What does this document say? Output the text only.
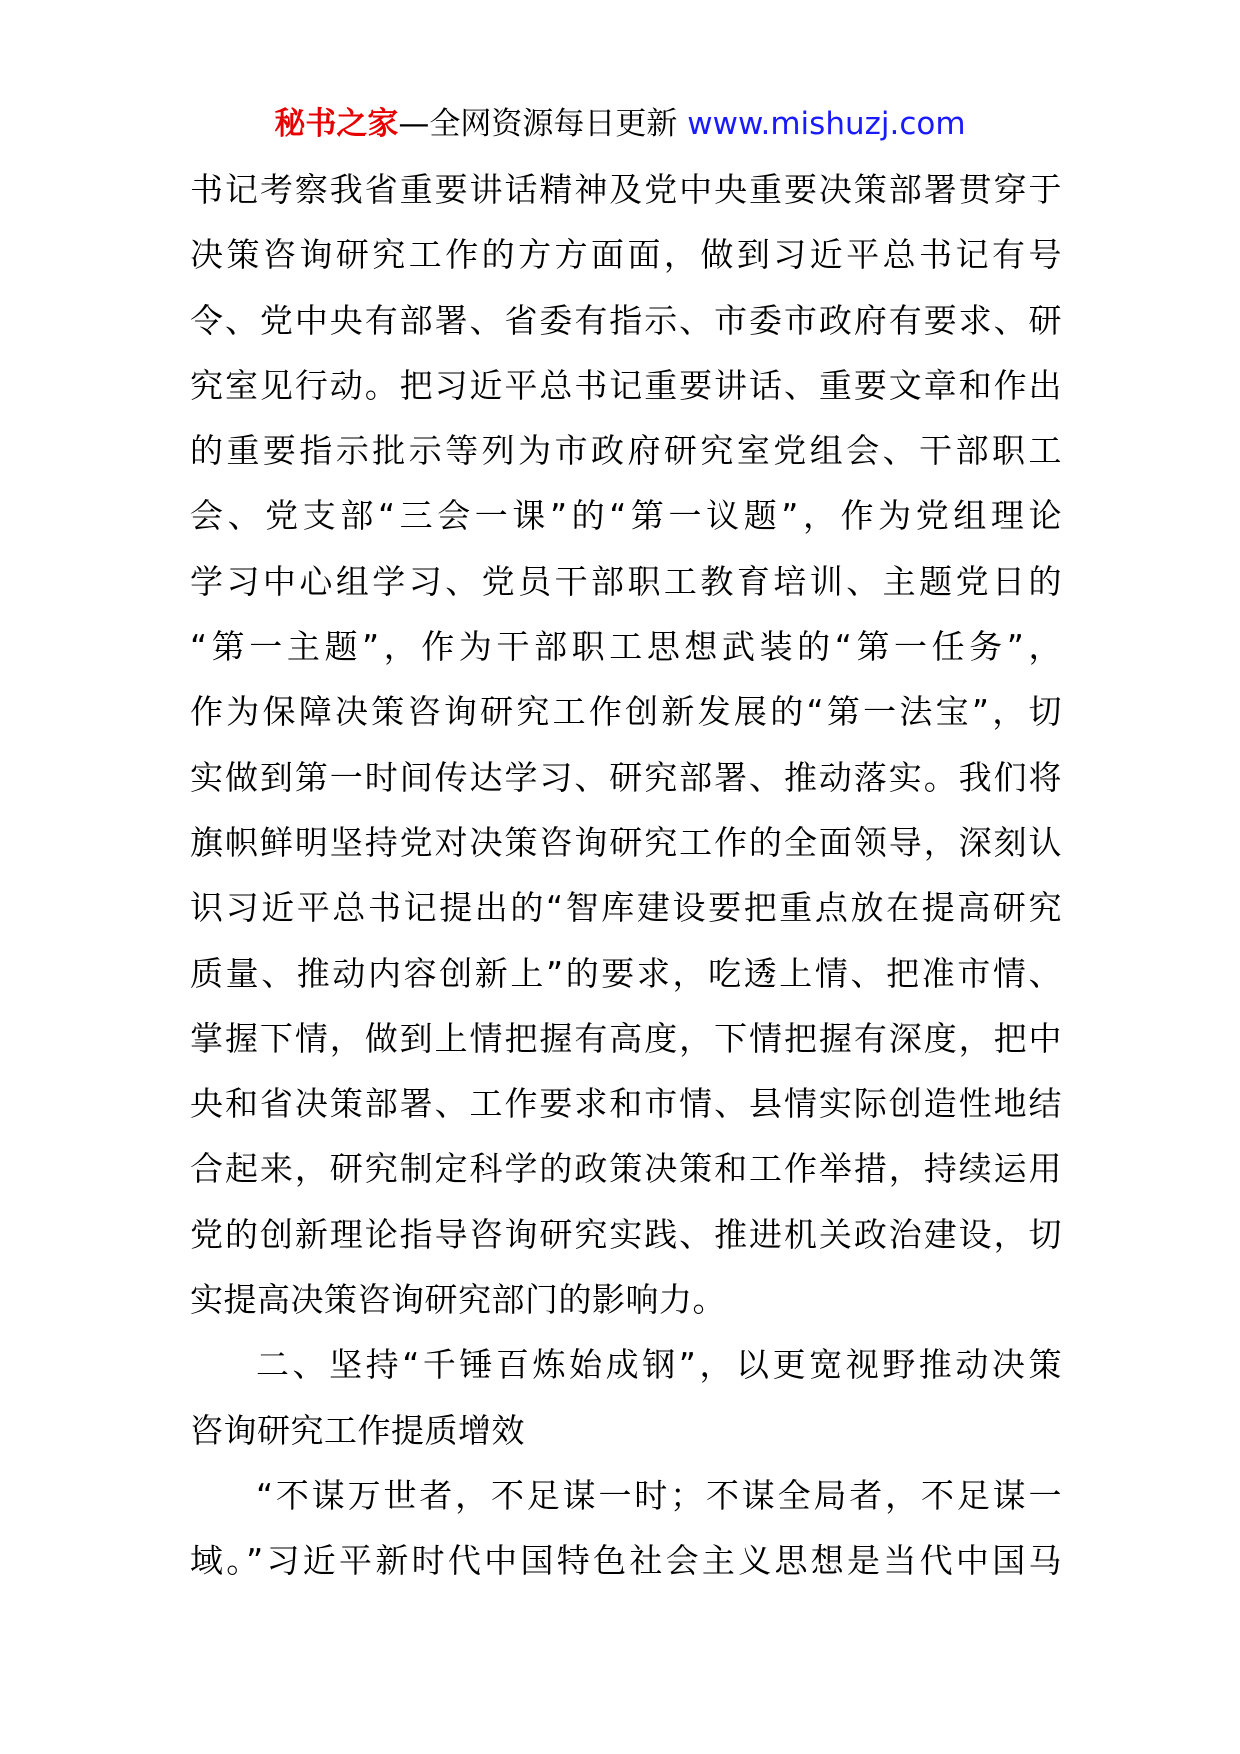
秘书之家—全网资源每日更新 www.mishuzj.com
书记考察我省重要讲话精神及党中央重要决策部署贯穿于
决策咨询研究工作的方方面面，做到习近平总书记有号
令、党中央有部署、省委有指示、市委市政府有要求、研
究室见行动。把习近平总书记重要讲话、重要文章和作出
的重要指示批示等列为市政府研究室党组会、干部职工
会、党支部“三会一课”的“第一议题”，作为党组理论
学习中心组学习、党员干部职工教育培训、主题党日的
“第一主题”，作为干部职工思想武装的“第一任务”，
作为保障决策咨询研究工作创新发展的“第一法宝”，切
实做到第一时间传达学习、研究部署、推动落实。我们将
旗帜鲜明坚持党对决策咨询研究工作的全面领导，深刻认
识习近平总书记提出的“智库建设要把重点放在提高研究
质量、推动内容创新上”的要求，吃透上情、把准市情、
掌握下情，做到上情把握有高度，下情把握有深度，把中
央和省决策部署、工作要求和市情、县情实际创造性地结
合起来，研究制定科学的政策决策和工作举措，持续运用
党的创新理论指导咨询研究实践、推进机关政治建设，切
实提高决策咨询研究部门的影响力。
二、坚持“千锤百炼始成钢”，以更宽视野推动决策
咨询研究工作提质增效
“不谋万世者，不足谋一时；不谋全局者，不足谋一
域。”习近平新时代中国特色社会主义思想是当代中国马
